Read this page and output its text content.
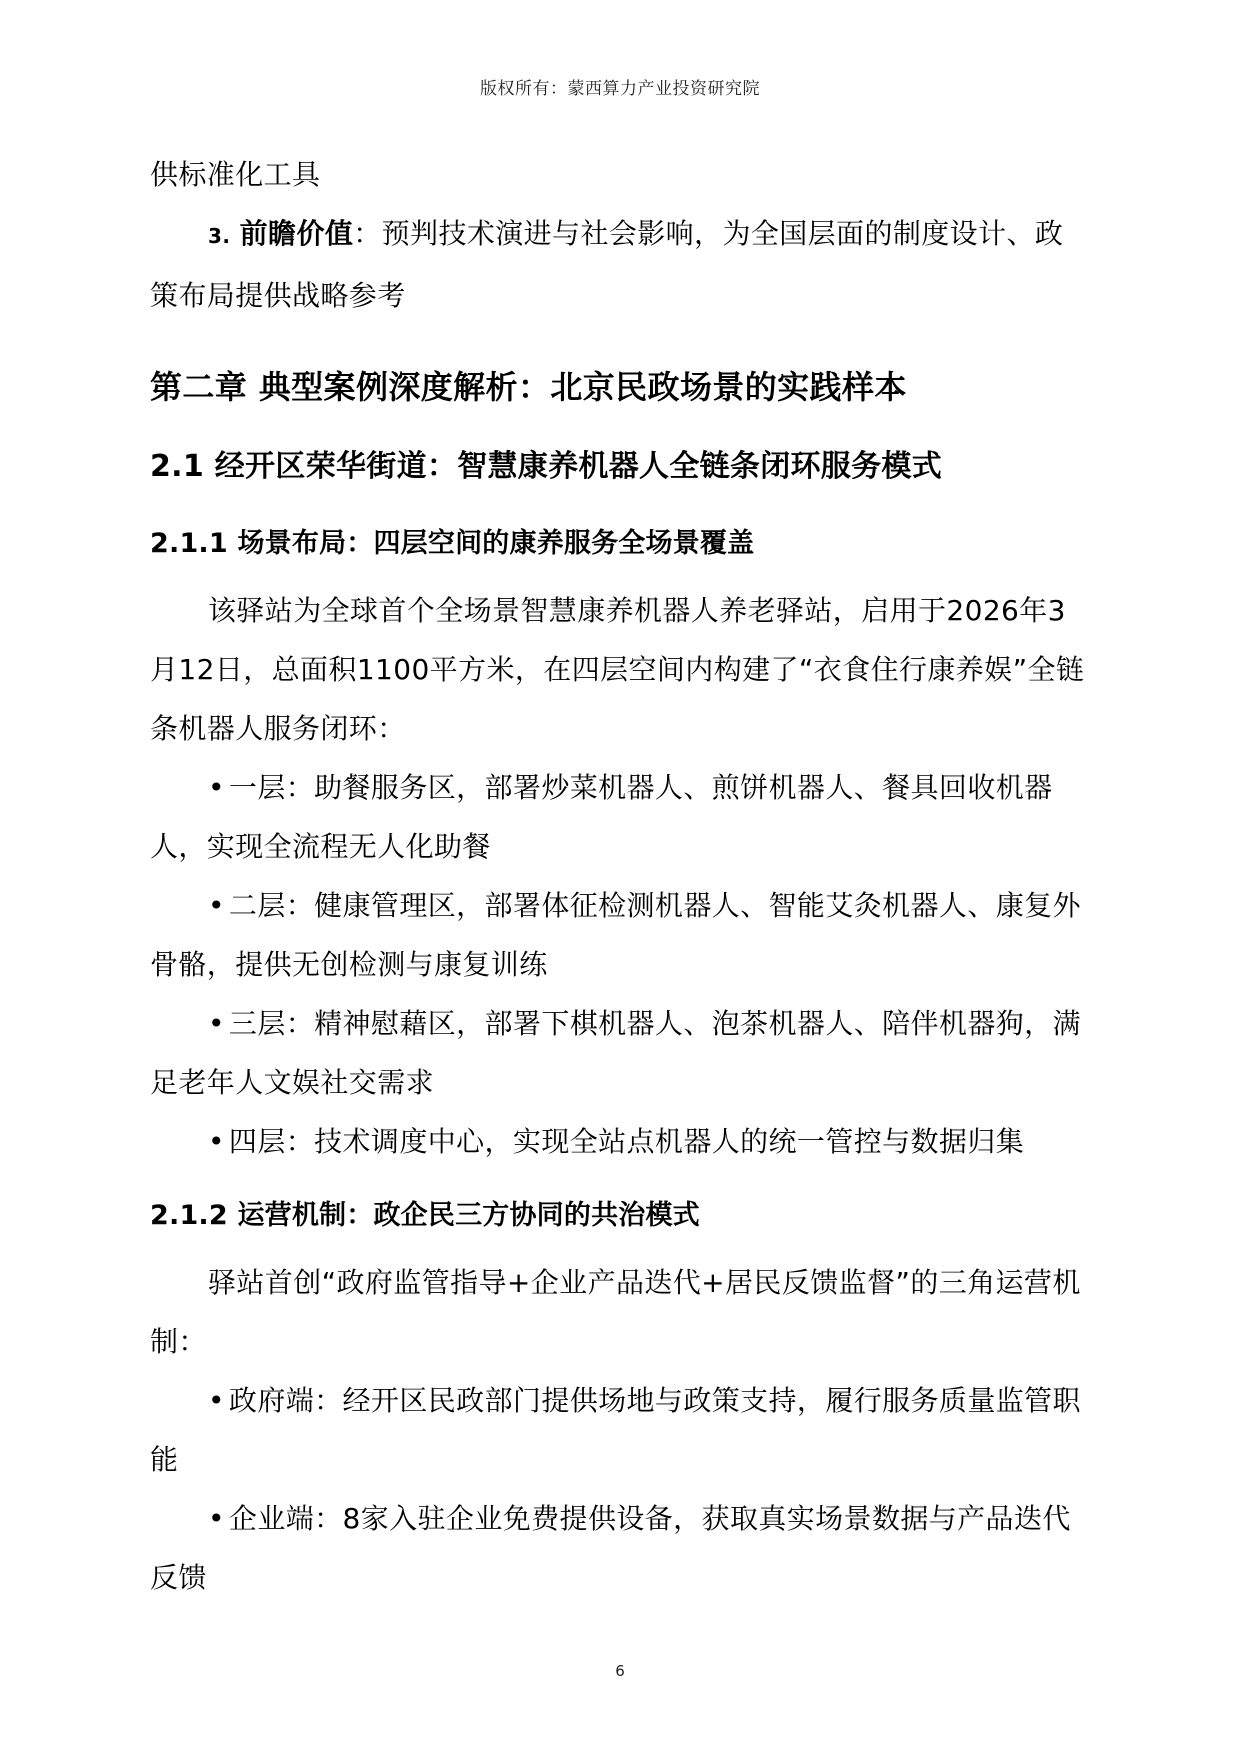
版权所有：蒙西算力产业投资研究院

供标准化工具

3. 前瞻价值：预判技术演进与社会影响，为全国层面的制度设计、政策布局提供战略参考

第二章 典型案例深度解析：北京民政场景的实践样本
2.1 经开区荣华街道：智慧康养机器人全链条闭环服务模式
2.1.1 场景布局：四层空间的康养服务全场景覆盖

该驿站为全球首个全场景智慧康养机器人养老驿站，启用于2026年3月12日，总面积1100平方米，在四层空间内构建了“衣食住行康养娱”全链条机器人服务闭环：

• 一层：助餐服务区，部署炒菜机器人、煎饼机器人、餐具回收机器人，实现全流程无人化助餐

• 二层：健康管理区，部署体征检测机器人、智能艾灸机器人、康复外骨骼，提供无创检测与康复训练

• 三层：精神慰藉区，部署下棋机器人、泡茶机器人、陪伴机器狗，满足老年人文娱社交需求

• 四层：技术调度中心，实现全站点机器人的统一管控与数据归集

2.1.2 运营机制：政企民三方协同的共治模式

驿站首创“政府监管指导+企业产品迭代+居民反馈监督”的三角运营机制：

• 政府端：经开区民政部门提供场地与政策支持，履行服务质量监管职能

• 企业端：8家入驻企业免费提供设备，获取真实场景数据与产品迭代反馈

6
